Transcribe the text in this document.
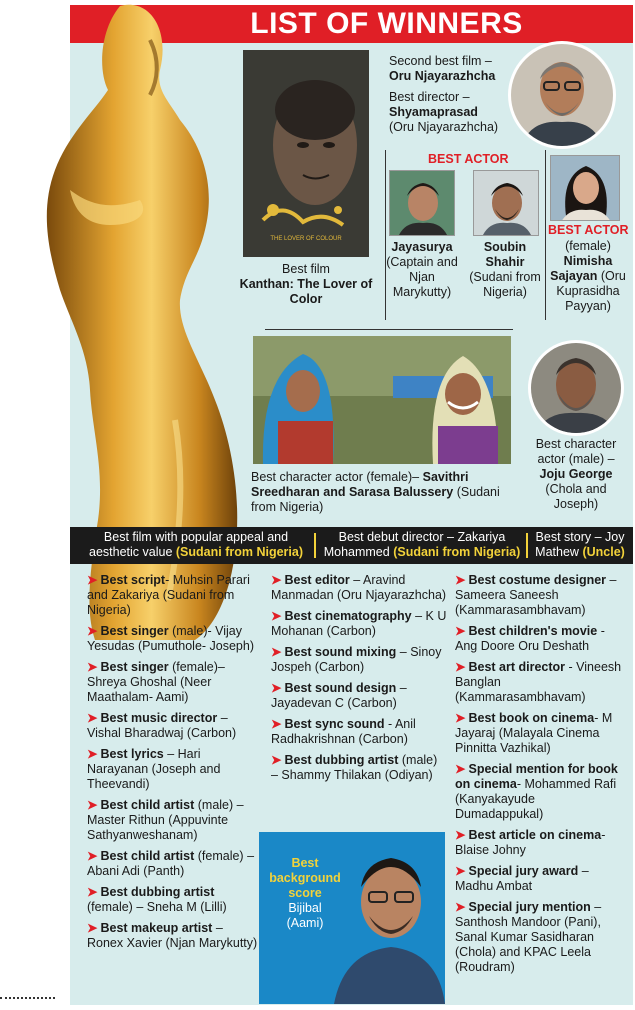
LIST OF WINNERS
THE LOVER OF COLOUR
Best film
Kanthan: The Lover of Color

Second best film –
Oru Njayarazhcha

Best director –
Shyamaprasad
(Oru Njayarazhcha)

BEST ACTOR
Jayasurya
(Captain and Njan Marykutty)
Soubin Shahir
(Sudani from Nigeria)
BEST ACTOR
(female)
Nimisha Sajayan (Oru Kuprasidha Payyan)
Best character actor (female)– Savithri Sreedharan and Sarasa Balussery (Sudani from Nigeria)
Best character actor (male) –
Joju George
(Chola and Joseph)
Best film with popular appeal and aesthetic value (Sudani from Nigeria)
Best debut director – Zakariya Mohammed (Sudani from Nigeria)
Best story – Joy Mathew (Uncle)
➤ Best script- Muhsin Parari and Zakariya (Sudani from Nigeria)
➤ Best singer (male)- Vijay Yesudas (Pumuthole- Joseph)
➤ Best singer (female)– Shreya Ghoshal (Neer Maathalam- Aami)
➤ Best music director – Vishal Bharadwaj (Carbon)
➤ Best lyrics – Hari Narayanan (Joseph and Theevandi)
➤ Best child artist (male) – Master Rithun (Appuvinte Sathyanweshanam)
➤ Best child artist (female) – Abani Adi (Panth)
➤ Best dubbing artist (female) – Sneha M (Lilli)
➤ Best makeup artist – Ronex Xavier (Njan Marykutty)
➤ Best editor – Aravind Manmadan (Oru Njayarazhcha)
➤ Best cinematography – K U Mohanan (Carbon)
➤ Best sound mixing – Sinoy Jospeh (Carbon)
➤ Best sound design – Jayadevan C (Carbon)
➤ Best sync sound - Anil Radhakrishnan (Carbon)
➤ Best dubbing artist (male) – Shammy Thilakan (Odiyan)
Best background score
Bijibal
(Aami)
➤ Best costume designer – Sameera Saneesh (Kammarasambhavam)
➤ Best children's movie - Ang Doore Oru Deshath
➤ Best art director - Vineesh Banglan (Kammarasambhavam)
➤ Best book on cinema- M Jayaraj (Malayala Cinema Pinnitta Vazhikal)
➤ Special mention for book on cinema- Mohammed Rafi (Kanyakayude Dumadappukal)
➤ Best article on cinema- Blaise Johny
➤ Special jury award – Madhu Ambat
➤ Special jury mention – Santhosh Mandoor (Pani), Sanal Kumar Sasidharan (Chola) and KPAC Leela (Roudram)
